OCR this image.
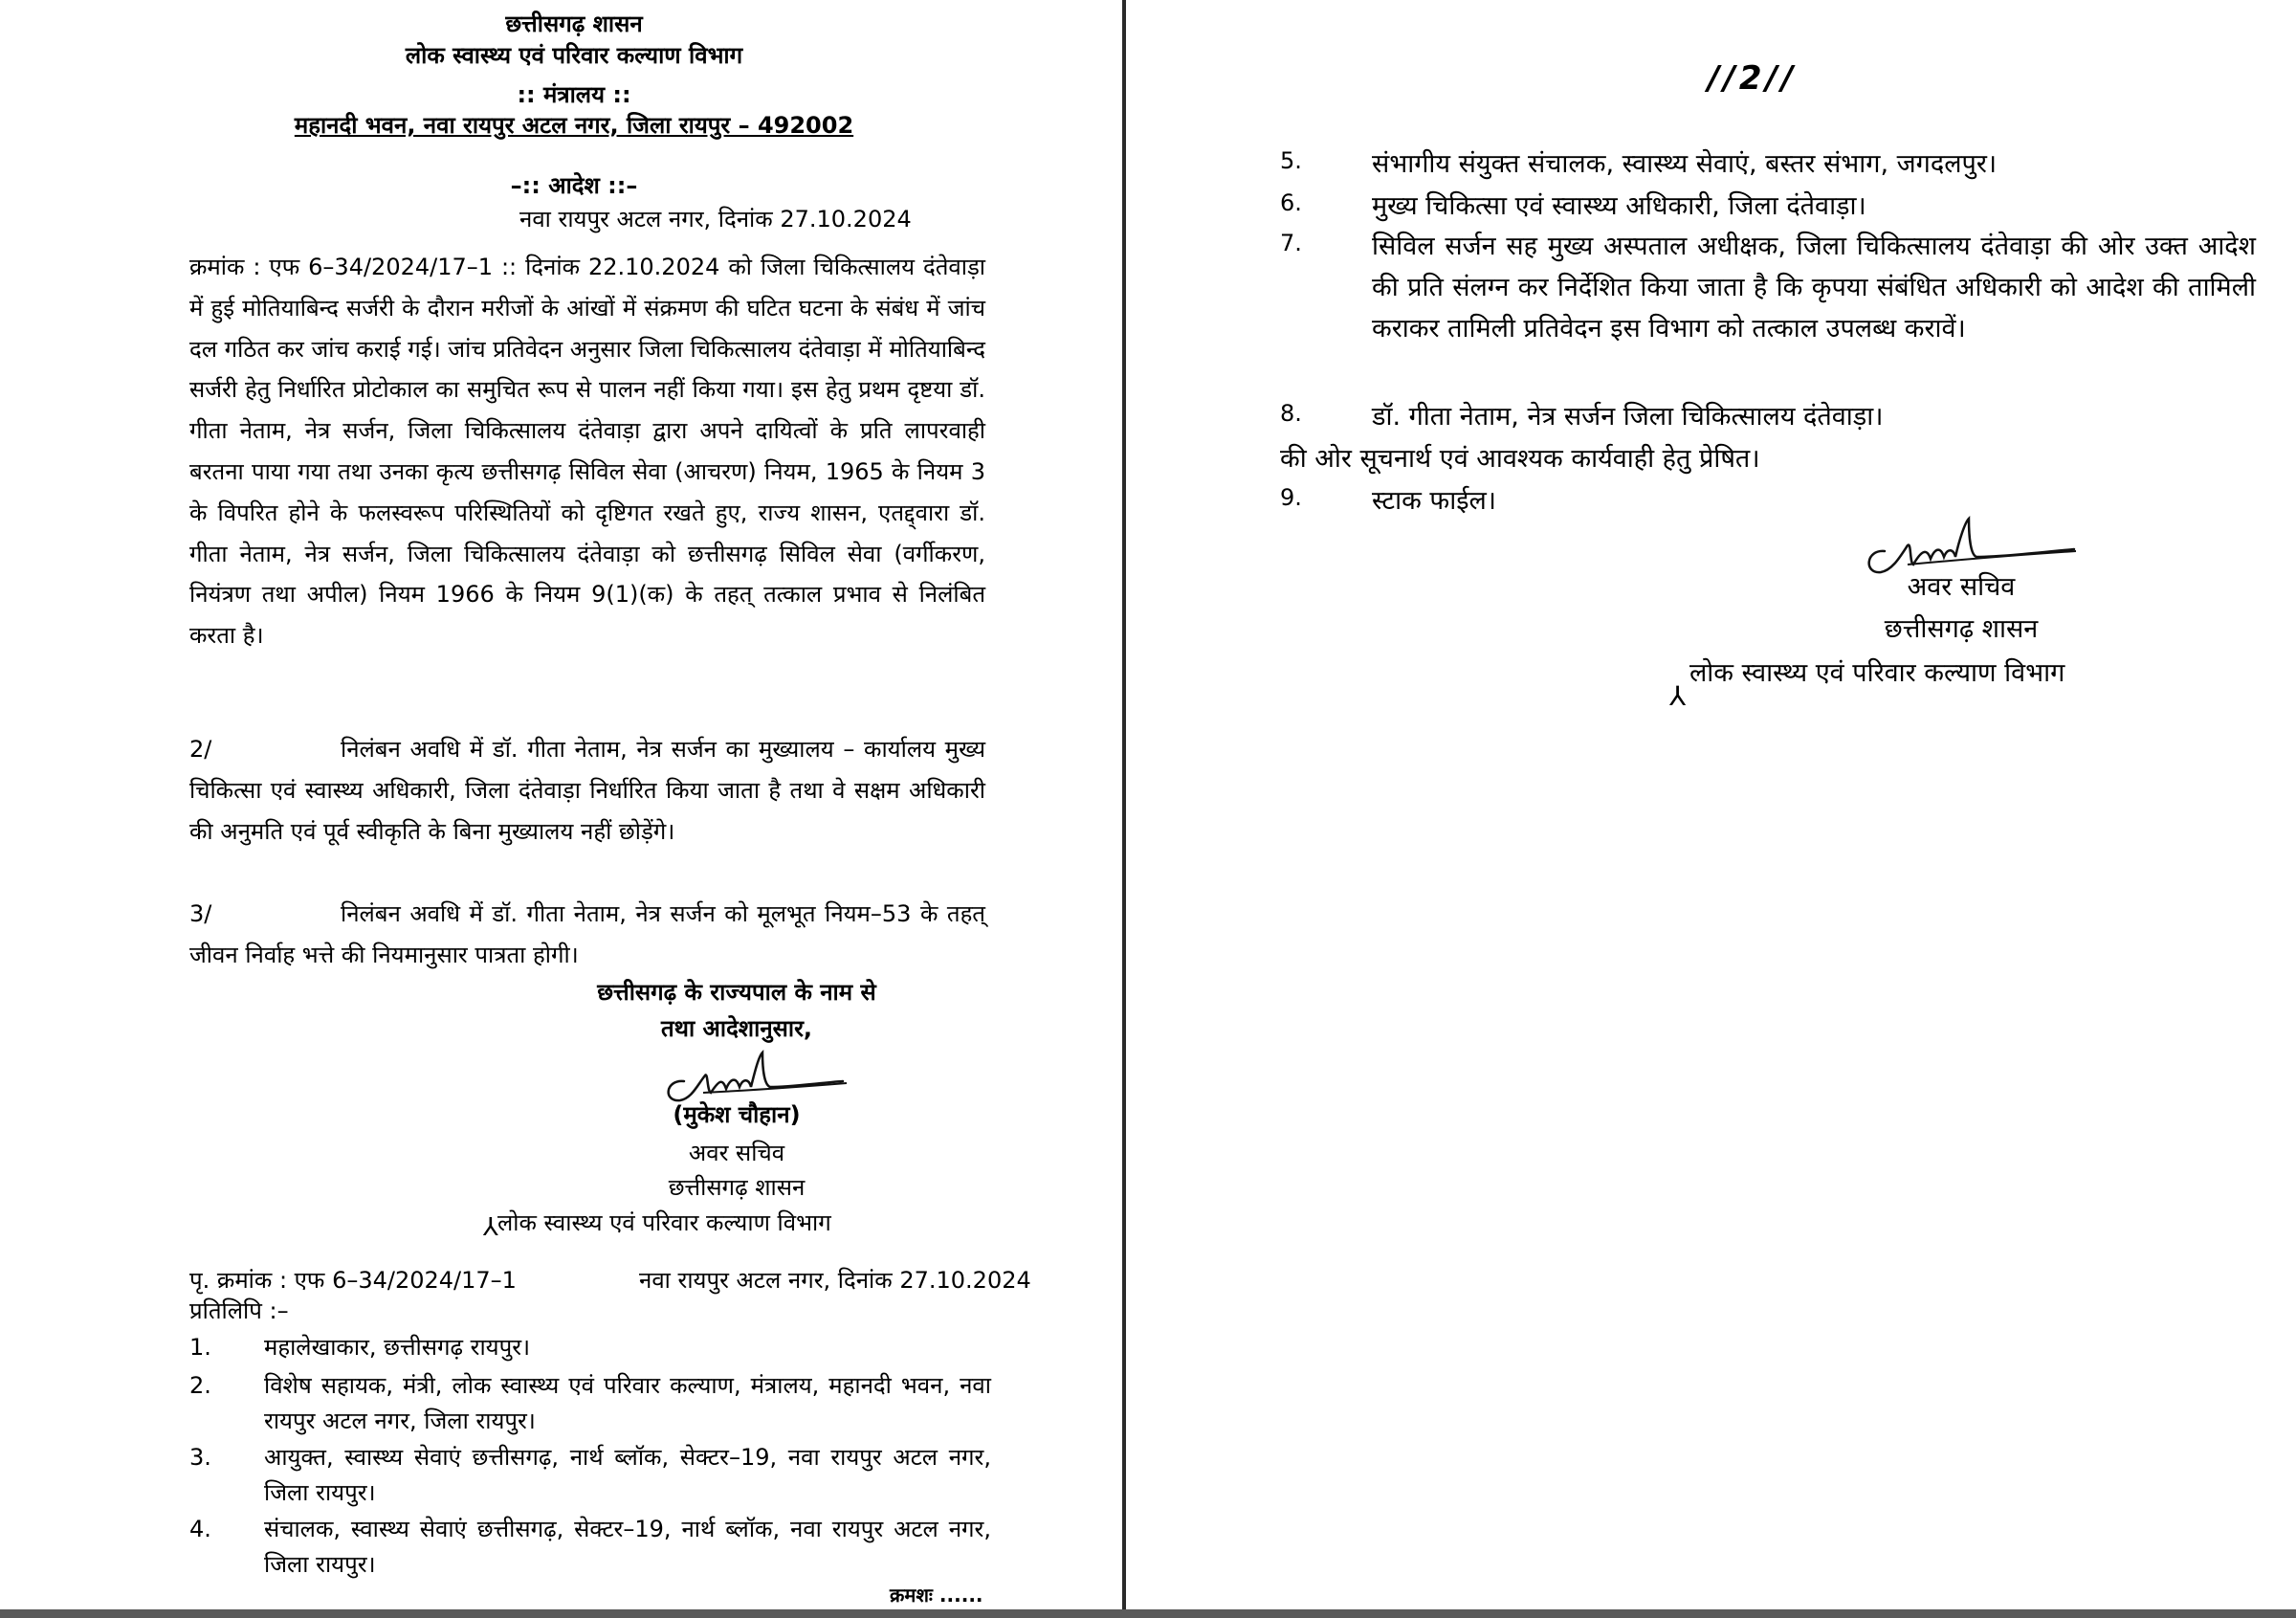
छत्तीसगढ़ शासन
लोक स्वास्थ्य एवं परिवार कल्याण विभाग
:: मंत्रालय ::
महानदी भवन, नवा रायपुर अटल नगर, जिला रायपुर – 492002
–:: आदेश ::–
नवा रायपुर अटल नगर, दिनांक 27.10.2024

क्रमांक : एफ 6–34/2024/17–1 :: दिनांक 22.10.2024 को जिला चिकित्सालय दंतेवाड़ा में हुई मोतियाबिन्द सर्जरी के दौरान मरीजों के आंखों में संक्रमण की घटित घटना के संबंध में जांच दल गठित कर जांच कराई गई। जांच प्रतिवेदन अनुसार जिला चिकित्सालय दंतेवाड़ा में मोतियाबिन्द सर्जरी हेतु निर्धारित प्रोटोकाल का समुचित रूप से पालन नहीं किया गया। इस हेतु प्रथम दृष्टया डॉ. गीता नेताम, नेत्र सर्जन, जिला चिकित्सालय दंतेवाड़ा द्वारा अपने दायित्वों के प्रति लापरवाही बरतना पाया गया तथा उनका कृत्य छत्तीसगढ़ सिविल सेवा (आचरण) नियम, 1965 के नियम 3 के विपरित होने के फलस्वरूप परिस्थितियों को दृष्टिगत रखते हुए, राज्य शासन, एतद्द्वारा डॉ. गीता नेताम, नेत्र सर्जन, जिला चिकित्सालय दंतेवाड़ा को छत्तीसगढ़ सिविल सेवा (वर्गीकरण, नियंत्रण तथा अपील) नियम 1966 के नियम 9(1)(क) के तहत् तत्काल प्रभाव से निलंबित करता है।

2/	निलंबन अवधि में डॉ. गीता नेताम, नेत्र सर्जन का मुख्यालय – कार्यालय मुख्य चिकित्सा एवं स्वास्थ्य अधिकारी, जिला दंतेवाड़ा निर्धारित किया जाता है तथा वे सक्षम अधिकारी की अनुमति एवं पूर्व स्वीकृति के बिना मुख्यालय नहीं छोड़ेंगे।

3/	निलंबन अवधि में डॉ. गीता नेताम, नेत्र सर्जन को मूलभूत नियम–53 के तहत् जीवन निर्वाह भत्ते की नियमानुसार पात्रता होगी।

छत्तीसगढ़ के राज्यपाल के नाम से
तथा आदेशानुसार,
(मुकेश चौहान)
अवर सचिव
छत्तीसगढ़ शासन
⅄ लोक स्वास्थ्य एवं परिवार कल्याण विभाग
पृ. क्रमांक : एफ 6–34/2024/17–1	नवा रायपुर अटल नगर, दिनांक 27.10.2024
प्रतिलिपि :–
1. महालेखाकार, छत्तीसगढ़ रायपुर।
2. विशेष सहायक, मंत्री, लोक स्वास्थ्य एवं परिवार कल्याण, मंत्रालय, महानदी भवन, नवा रायपुर अटल नगर, जिला रायपुर।
3. आयुक्त, स्वास्थ्य सेवाएं छत्तीसगढ़, नार्थ ब्लॉक, सेक्टर–19, नवा रायपुर अटल नगर, जिला रायपुर।
4. संचालक, स्वास्थ्य सेवाएं छत्तीसगढ़, सेक्टर–19, नार्थ ब्लॉक, नवा रायपुर अटल नगर, जिला रायपुर।
क्रमशः ......
//2//
5.	संभागीय संयुक्त संचालक, स्वास्थ्य सेवाएं, बस्तर संभाग, जगदलपुर।
6.	मुख्य चिकित्सा एवं स्वास्थ्य अधिकारी, जिला दंतेवाड़ा।
7.	सिविल सर्जन सह मुख्य अस्पताल अधीक्षक, जिला चिकित्सालय दंतेवाड़ा की ओर उक्त आदेश की प्रति संलग्न कर निर्देशित किया जाता है कि कृपया संबंधित अधिकारी को आदेश की तामिली कराकर तामिली प्रतिवेदन इस विभाग को तत्काल उपलब्ध करावें।
8.	डॉ. गीता नेताम, नेत्र सर्जन जिला चिकित्सालय दंतेवाड़ा।
की ओर सूचनार्थ एवं आवश्यक कार्यवाही हेतु प्रेषित।
9.	स्टाक फाईल।
अवर सचिव
छत्तीसगढ़ शासन
⅄
लोक स्वास्थ्य एवं परिवार कल्याण विभाग
